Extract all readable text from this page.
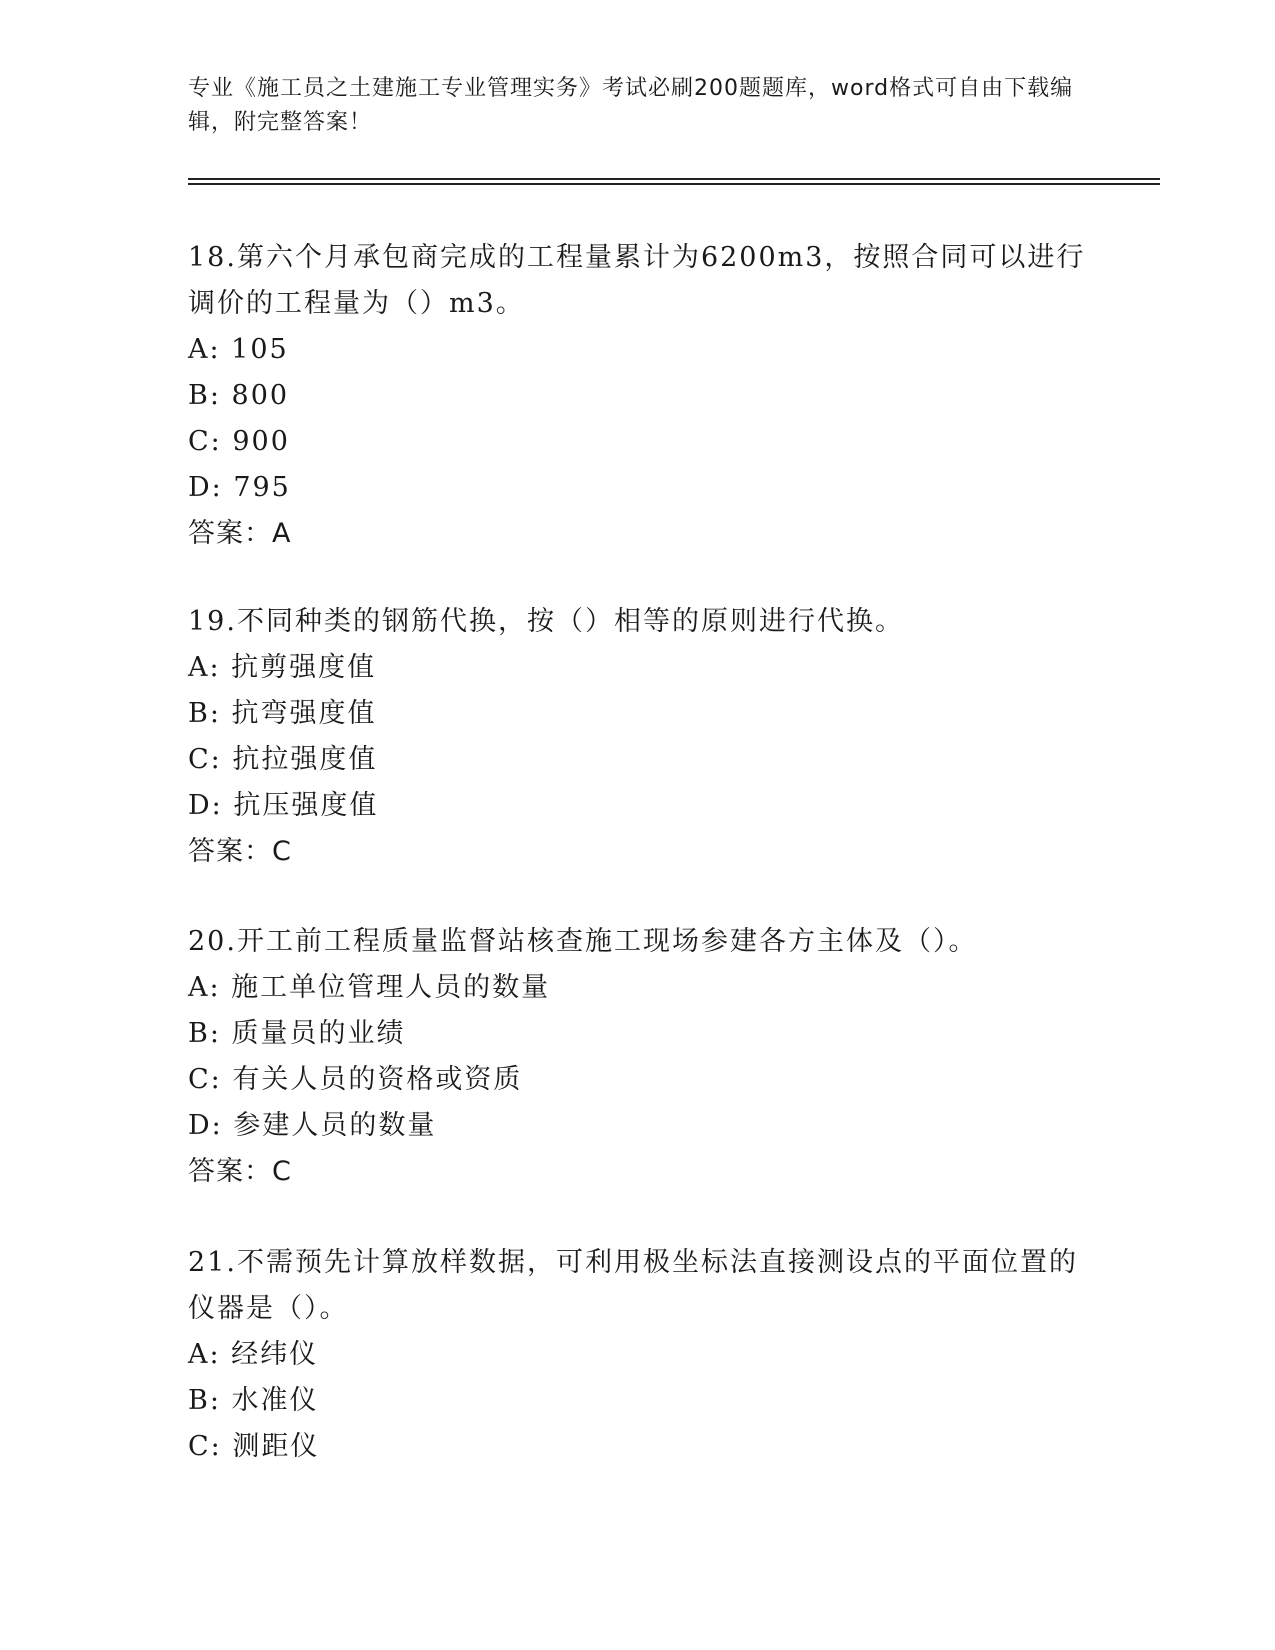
专业《施工员之土建施工专业管理实务》考试必刷200题题库，word格式可自由下载编辑，附完整答案！

18.第六个月承包商完成的工程量累计为6200m3，按照合同可以进行调价的工程量为（）m3。

A: 105
B: 800
C: 900
D: 795
答案：A

19.不同种类的钢筋代换，按（）相等的原则进行代换。

A: 抗剪强度值
B: 抗弯强度值
C: 抗拉强度值
D: 抗压强度值
答案：C

20.开工前工程质量监督站核查施工现场参建各方主体及（）。

A: 施工单位管理人员的数量
B: 质量员的业绩
C: 有关人员的资格或资质
D: 参建人员的数量
答案：C

21.不需预先计算放样数据，可利用极坐标法直接测设点的平面位置的仪器是（）。

A: 经纬仪
B: 水准仪
C: 测距仪
